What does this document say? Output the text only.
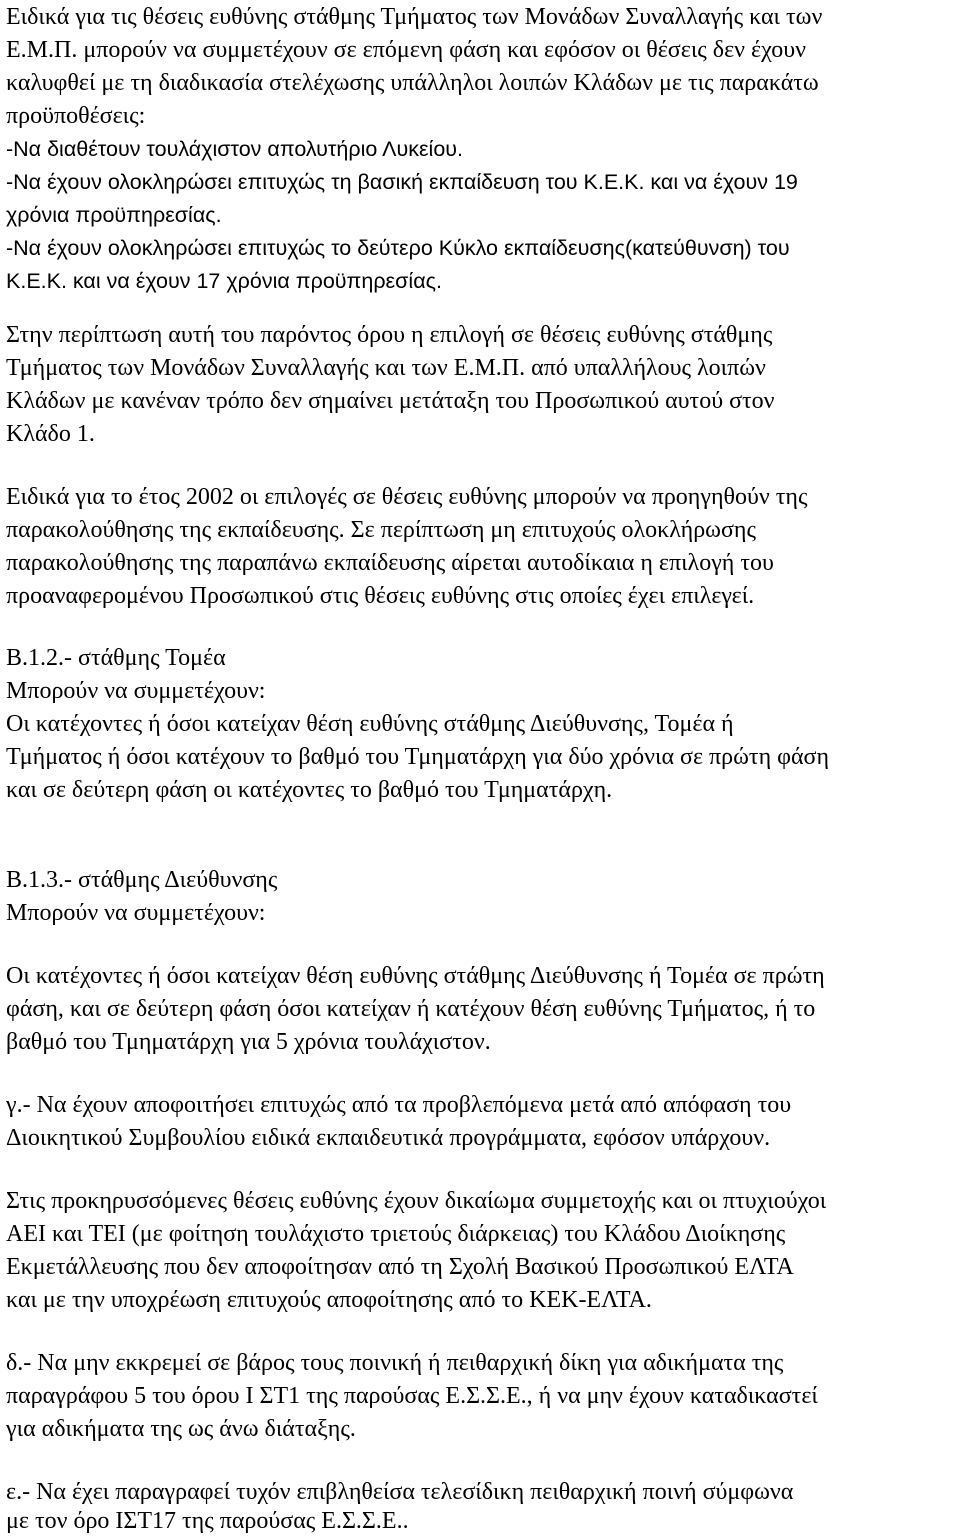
Ειδικά για τις θέσεις ευθύνης στάθμης Τμήματος των Μονάδων Συναλλαγής και των
Ε.Μ.Π. μπορούν να συμμετέχουν σε επόμενη φάση και εφόσον οι θέσεις δεν έχουν
καλυφθεί με τη διαδικασία στελέχωσης υπάλληλοι λοιπών Κλάδων με τις παρακάτω
προϋποθέσεις:
-Να διαθέτουν τουλάχιστον απολυτήριο Λυκείου.
-Να έχουν ολοκληρώσει επιτυχώς τη βασική εκπαίδευση του Κ.Ε.Κ. και να έχουν 19
χρόνια προϋπηρεσίας.
-Να έχουν ολοκληρώσει επιτυχώς το δεύτερο Κύκλο εκπαίδευσης(κατεύθυνση) του
Κ.Ε.Κ. και να έχουν 17 χρόνια προϋπηρεσίας.
Στην περίπτωση αυτή του παρόντος όρου η επιλογή σε θέσεις ευθύνης στάθμης
Τμήματος των Μονάδων Συναλλαγής και των Ε.Μ.Π. από υπαλλήλους λοιπών
Κλάδων με κανέναν τρόπο δεν σημαίνει μετάταξη του Προσωπικού αυτού στον
Κλάδο 1.
Ειδικά για το έτος 2002 οι επιλογές σε θέσεις ευθύνης μπορούν να προηγηθούν της
παρακολούθησης της εκπαίδευσης. Σε περίπτωση μη επιτυχούς ολοκλήρωσης
παρακολούθησης της παραπάνω εκπαίδευσης αίρεται αυτοδίκαια η επιλογή του
προαναφερομένου Προσωπικού στις θέσεις ευθύνης στις οποίες έχει επιλεγεί.
Β.1.2.- στάθμης Τομέα
Μπορούν να συμμετέχουν:
Οι κατέχοντες ή όσοι κατείχαν θέση ευθύνης στάθμης Διεύθυνσης, Τομέα ή
Τμήματος ή όσοι κατέχουν το βαθμό του Τμηματάρχη για δύο χρόνια σε πρώτη φάση
και σε δεύτερη φάση οι κατέχοντες το βαθμό του Τμηματάρχη.
Β.1.3.- στάθμης Διεύθυνσης
Μπορούν να συμμετέχουν:
Οι κατέχοντες ή όσοι κατείχαν θέση ευθύνης στάθμης Διεύθυνσης ή Τομέα σε πρώτη
φάση, και σε δεύτερη φάση όσοι κατείχαν ή κατέχουν θέση ευθύνης Τμήματος, ή το
βαθμό του Τμηματάρχη για 5 χρόνια τουλάχιστον.
γ.- Να έχουν αποφοιτήσει επιτυχώς από τα προβλεπόμενα μετά από απόφαση του
Διοικητικού Συμβουλίου ειδικά εκπαιδευτικά προγράμματα, εφόσον υπάρχουν.
Στις προκηρυσσόμενες θέσεις ευθύνης έχουν δικαίωμα συμμετοχής και οι πτυχιούχοι
ΑΕΙ και ΤΕΙ (με φοίτηση τουλάχιστο τριετούς διάρκειας) του Κλάδου Διοίκησης
Εκμετάλλευσης που δεν αποφοίτησαν από τη Σχολή Βασικού Προσωπικού ΕΛΤΑ
και με την υποχρέωση επιτυχούς αποφοίτησης από το ΚΕΚ-ΕΛΤΑ.
δ.- Να μην εκκρεμεί σε βάρος τους ποινική ή πειθαρχική δίκη για αδικήματα της
παραγράφου 5 του όρου Ι ΣΤ1 της παρούσας Ε.Σ.Σ.Ε., ή να μην έχουν καταδικαστεί
για αδικήματα της ως άνω διάταξης.
ε.- Να έχει παραγραφεί τυχόν επιβληθείσα τελεσίδικη πειθαρχική ποινή σύμφωνα
με τον όρο ΙΣΤ17 της παρούσας Ε.Σ.Σ.Ε..
